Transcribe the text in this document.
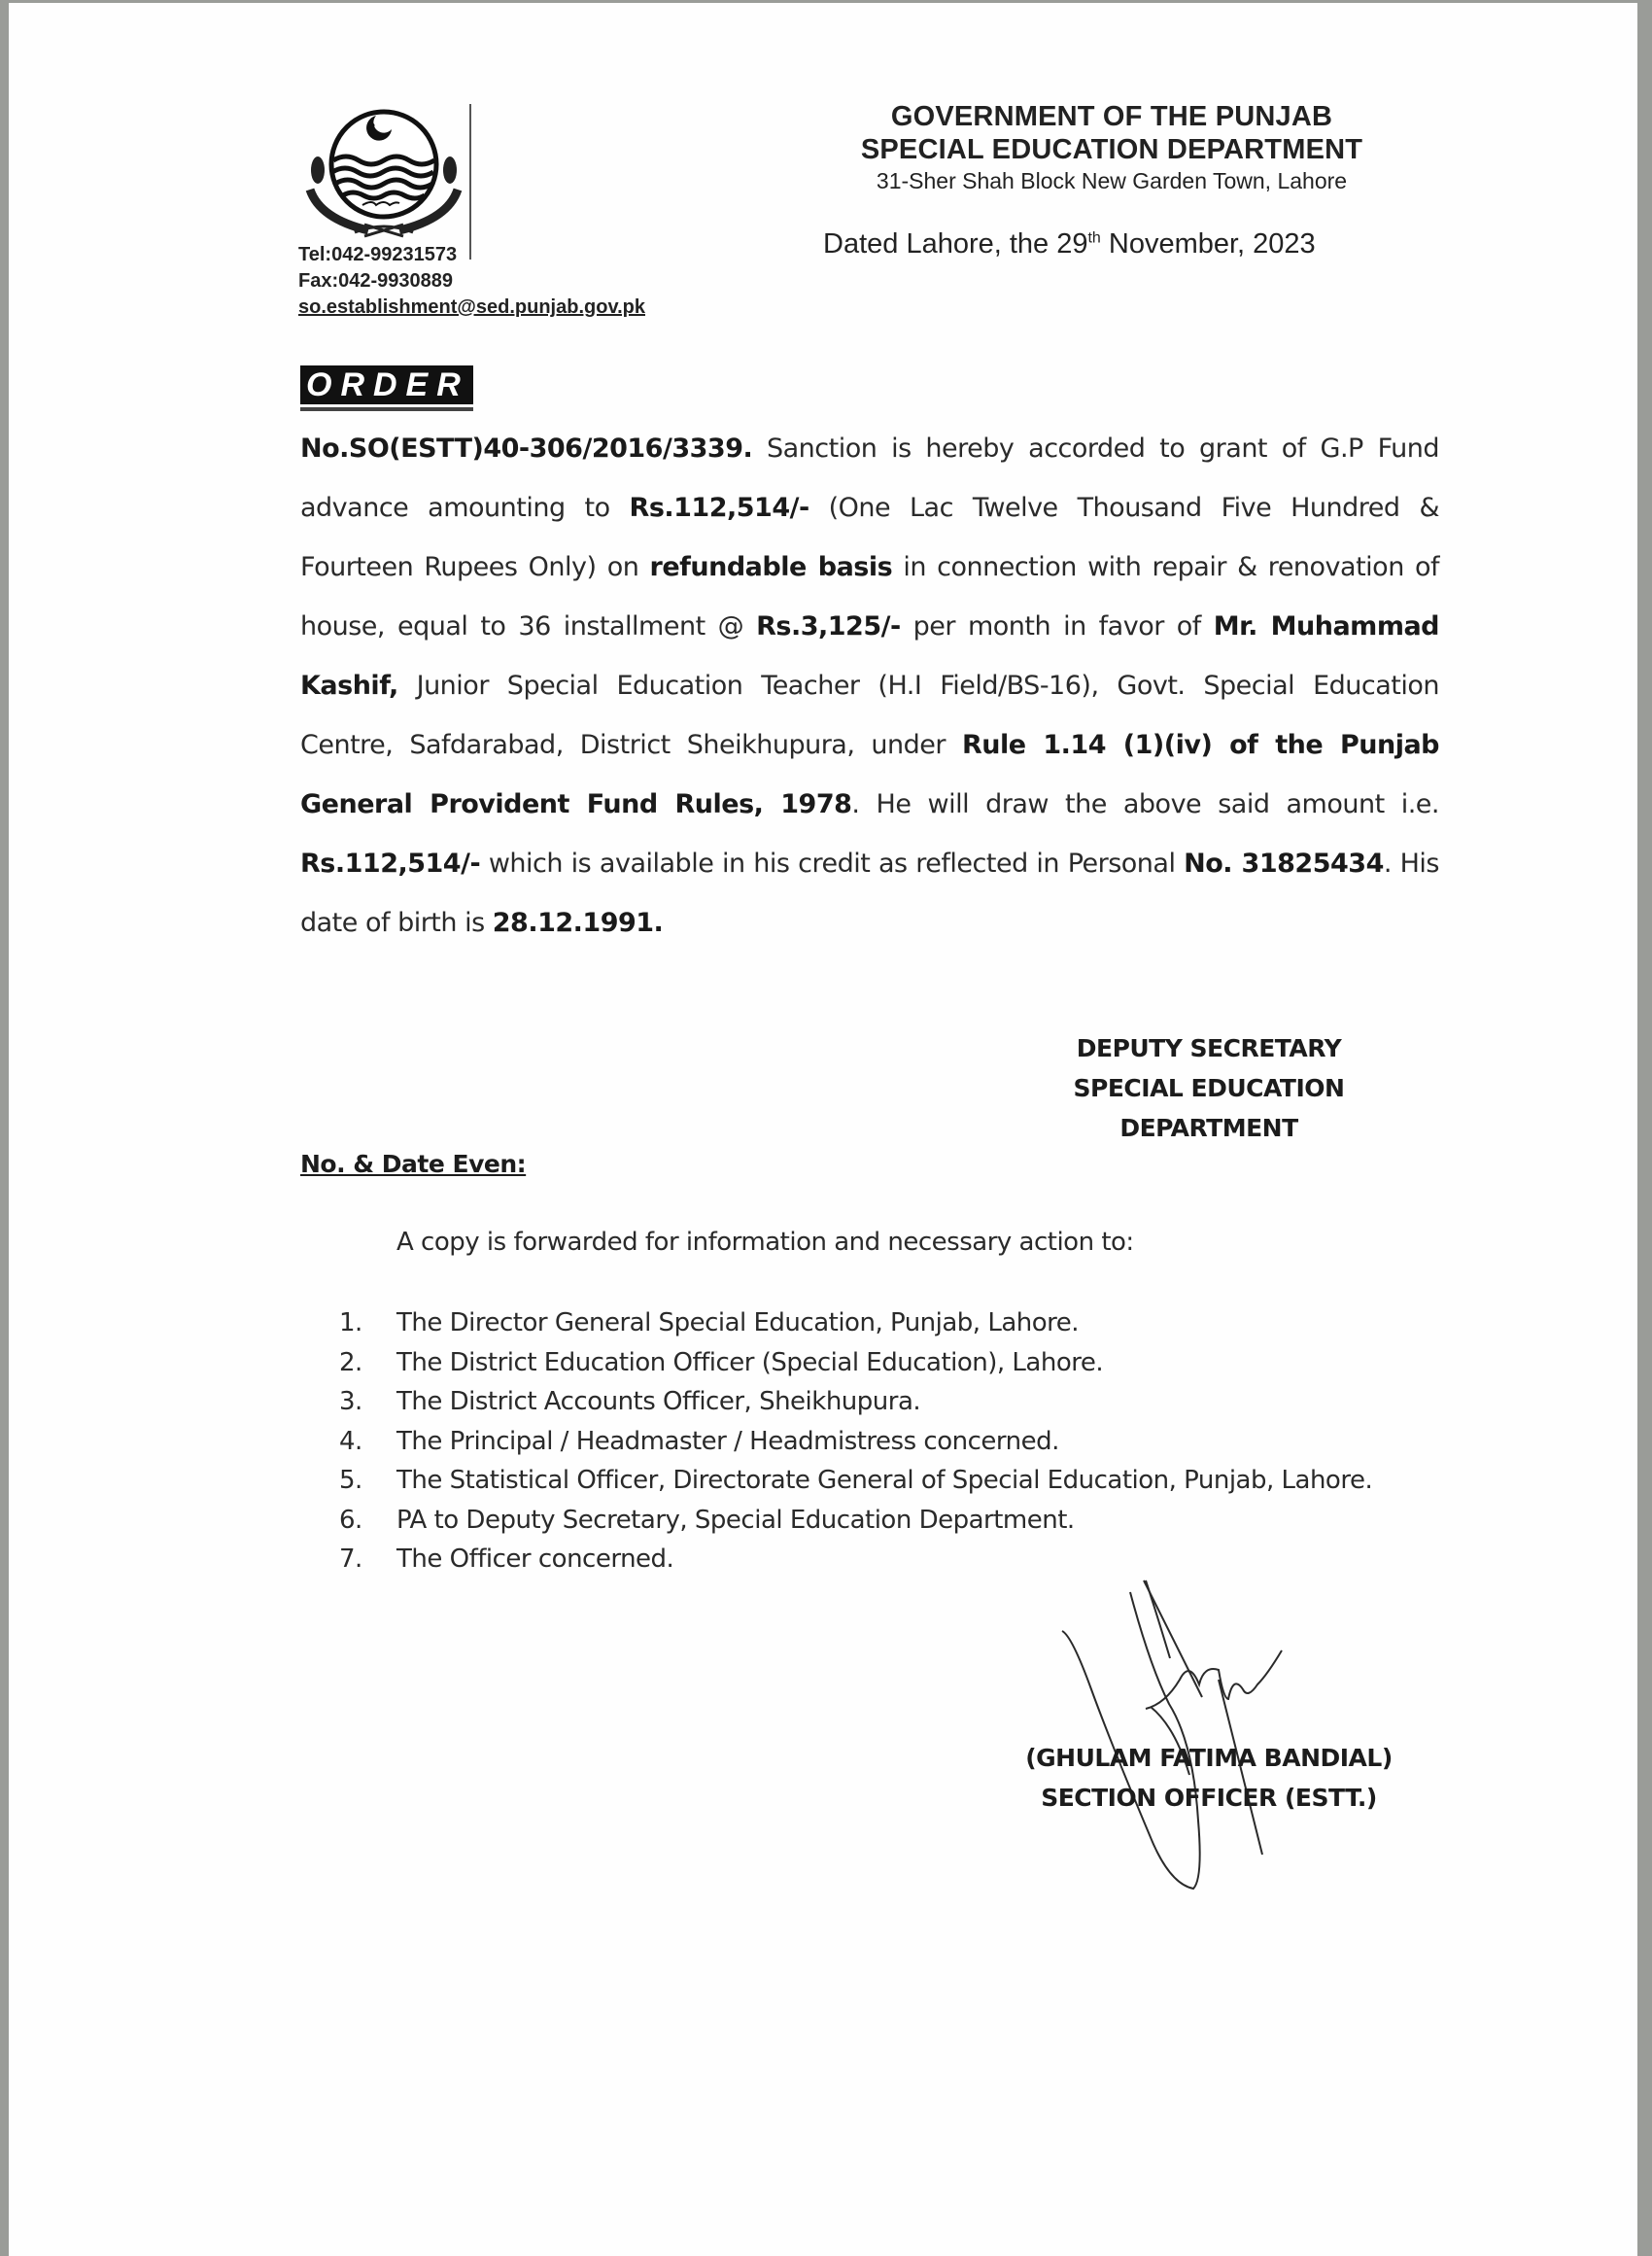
Tel:042-99231573
Fax:042-9930889
so.establishment@sed.punjab.gov.pk
GOVERNMENT OF THE PUNJAB
SPECIAL EDUCATION DEPARTMENT
31-Sher Shah Block New Garden Town, Lahore
Dated Lahore, the 29th November, 2023
ORDER
No.SO(ESTT)40-306/2016/3339. Sanction is hereby accorded to grant of G.P Fund advance amounting to Rs.112,514/- (One Lac Twelve Thousand Five Hundred & Fourteen Rupees Only) on refundable basis in connection with repair & renovation of house, equal to 36 installment @ Rs.3,125/- per month in favor of Mr. Muhammad Kashif, Junior Special Education Teacher (H.I Field/BS-16), Govt. Special Education Centre, Safdarabad, District Sheikhupura, under Rule 1.14 (1)(iv) of the Punjab General Provident Fund Rules, 1978. He will draw the above said amount i.e. Rs.112,514/- which is available in his credit as reflected in Personal No. 31825434. His date of birth is 28.12.1991.
DEPUTY SECRETARY
SPECIAL EDUCATION
DEPARTMENT
No. & Date Even:
A copy is forwarded for information and necessary action to:
1.	The Director General Special Education, Punjab, Lahore.
2.	The District Education Officer (Special Education), Lahore.
3.	The District Accounts Officer, Sheikhupura.
4.	The Principal / Headmaster / Headmistress concerned.
5.	The Statistical Officer, Directorate General of Special Education, Punjab, Lahore.
6.	PA to Deputy Secretary, Special Education Department.
7.	The Officer concerned.
(GHULAM FATIMA BANDIAL)
SECTION OFFICER (ESTT.)
